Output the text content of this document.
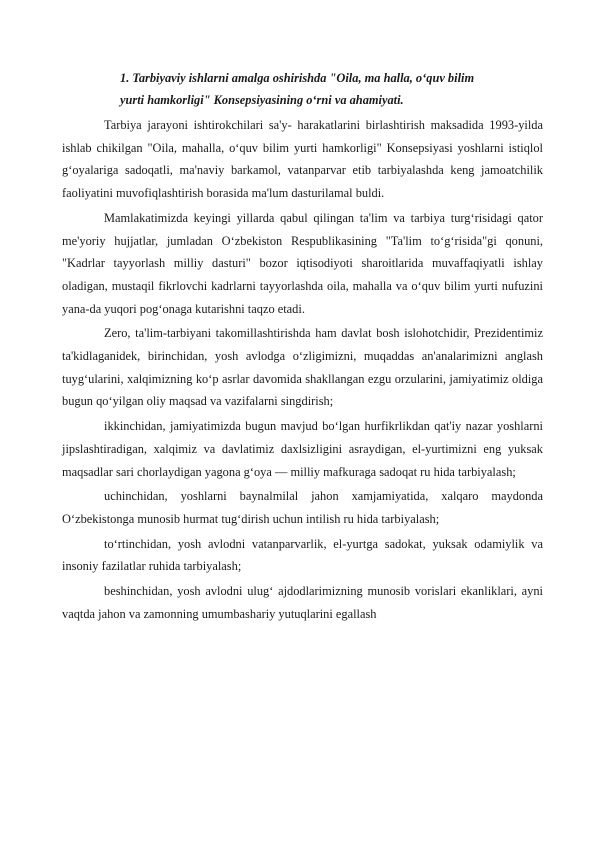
1. Tarbiyaviy ishlarni amalga oshirishda "Oila, ma halla, o‘quv bilim
yurti hamkorligi" Konsepsiyasining o‘rni va ahamiyati.

Tarbiya jarayoni ishtirokchilari sa'y- harakatlarini birlashtirish maksadida 1993-yilda ishlab chikilgan "Oila, mahalla, o‘quv bilim yurti hamkorligi" Konsepsiyasi yoshlarni istiqlol g‘oyalariga sadoqatli, ma'naviy barkamol, vatanparvar etib tarbiyalashda keng jamoatchilik faoliyatini muvofiqlashtirish borasida ma'lum dasturilamal buldi.

Mamlakatimizda keyingi yillarda qabul qilingan ta'lim va tarbiya turg‘risidagi qator me'yoriy hujjatlar, jumladan O‘zbekiston Respublikasining "Ta'lim to‘g‘risida"gi qonuni, "Kadrlar tayyorlash milliy dasturi" bozor iqtisodiyoti sharoitlarida muvaffaqiyatli ishlay oladigan, mustaqil fikrlovchi kadrlarni tayyorlashda oila, mahalla va o‘quv bilim yurti nufuzini yana-da yuqori pog‘onaga kutarishni taqzo etadi.

Zero, ta'lim-tarbiyani takomillashtirishda ham davlat bosh islohotchidir, Prezidentimiz ta'kidlaganidek, birinchidan, yosh avlodga o‘zligimizni, muqaddas an'analarimizni anglash tuyg‘ularini, xalqimizning ko‘p asrlar davomida shakllangan ezgu orzularini, jamiyatimiz oldiga bugun qo‘yilgan oliy maqsad va vazifalarni singdirish;

ikkinchidan, jamiyatimizda bugun mavjud bo‘lgan hurfikrlikdan qat'iy nazar yoshlarni jipslashtiradigan, xalqimiz va davlatimiz daxlsizligini asraydigan, el-yurtimizni eng yuksak maqsadlar sari chorlaydigan yagona g‘oya — milliy mafkuraga sadoqat ru hida tarbiyalash;

uchinchidan, yoshlarni baynalmilal jahon xamjamiyatida, xalqaro maydonda O‘zbekistonga munosib hurmat tug‘dirish uchun intilish ru hida tarbiyalash;

to‘rtinchidan, yosh avlodni vatanparvarlik, el-yurtga sadokat, yuksak odamiylik va insoniy fazilatlar ruhida tarbiyalash;

beshinchidan, yosh avlodni ulug‘ ajdodlarimizning munosib vorislari ekanliklari, ayni vaqtda jahon va zamonning umumbashariy yutuqlarini egallash
